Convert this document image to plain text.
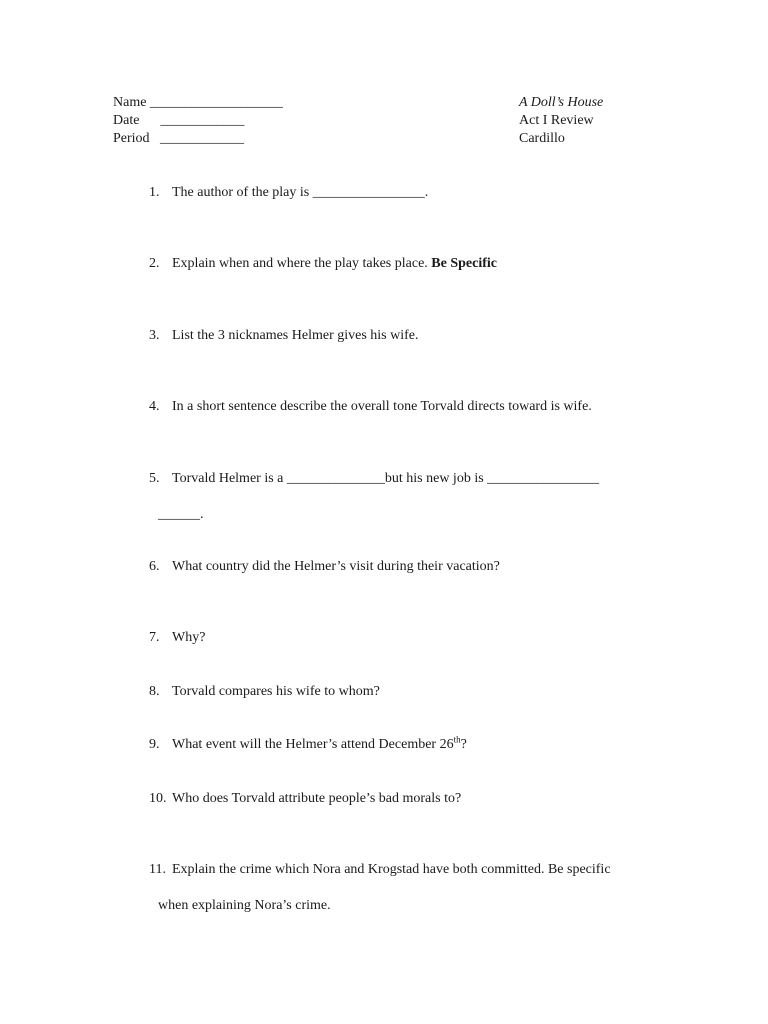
Name ___________________
Date      ____________
Period   ____________
A Doll’s House
Act I Review
Cardillo

1. The author of the play is ________________.

2. Explain when and where the play takes place. Be Specific

3. List the 3 nicknames Helmer gives his wife.

4. In a short sentence describe the overall tone Torvald directs toward is wife.

5. Torvald Helmer is a ______________but his new job is ________________

______.

6. What country did the Helmer’s visit during their vacation?

7. Why?

8. Torvald compares his wife to whom?

9. What event will the Helmer’s attend December 26th?

10. Who does Torvald attribute people’s bad morals to?

11. Explain the crime which Nora and Krogstad have both committed. Be specific

when explaining Nora’s crime.
